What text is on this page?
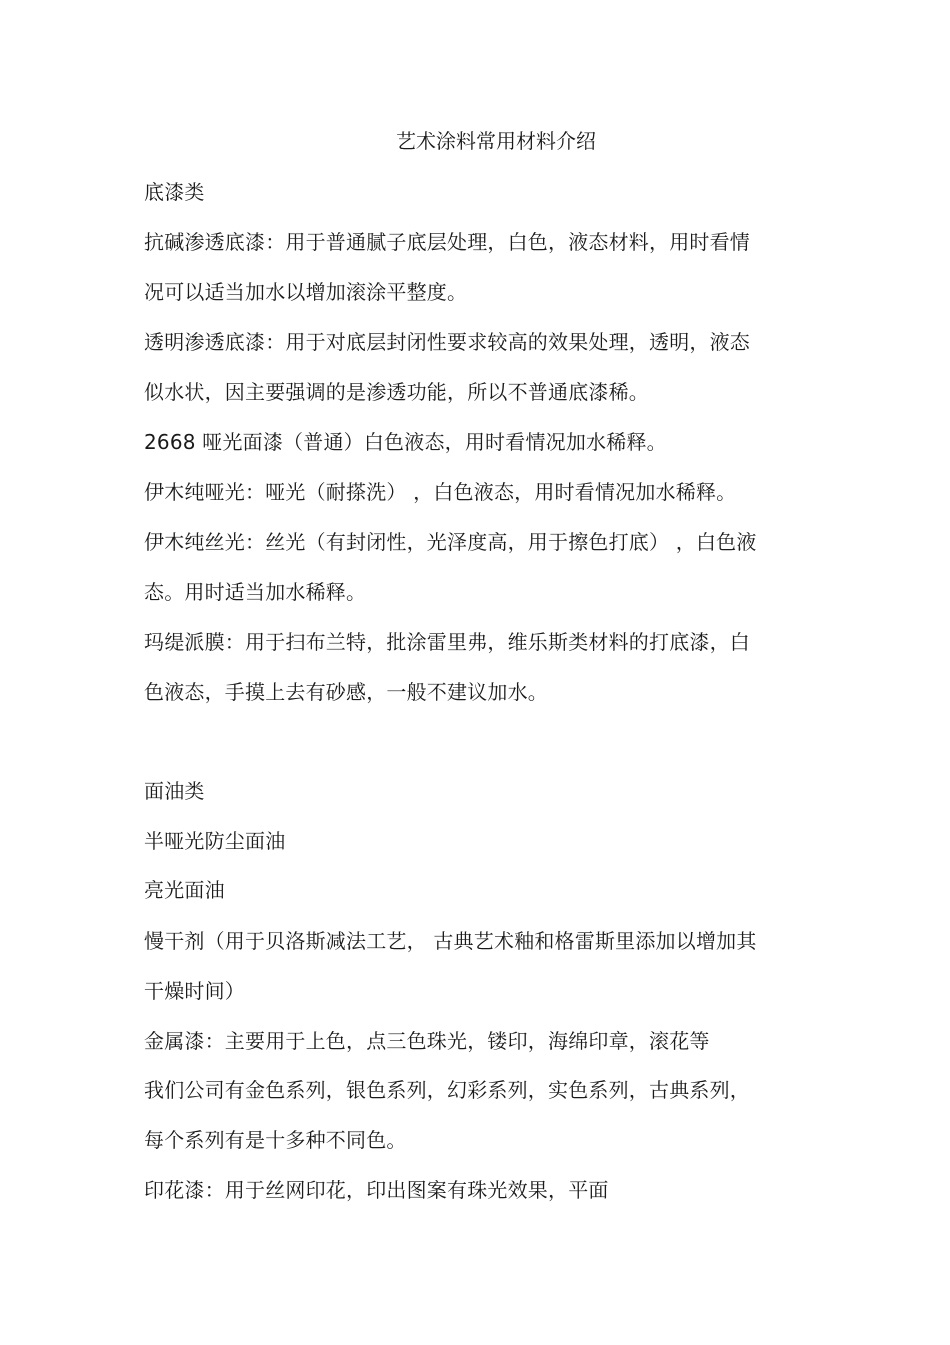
艺术涂料常用材料介绍
底漆类
抗碱渗透底漆：用于普通腻子底层处理，白色，液态材料，用时看情
况可以适当加水以增加滚涂平整度。
透明渗透底漆：用于对底层封闭性要求较高的效果处理，透明，液态
似水状，因主要强调的是渗透功能，所以不普通底漆稀。
2668 哑光面漆（普通）白色液态，用时看情况加水稀释。
伊木纯哑光：哑光（耐搽洗） ，白色液态，用时看情况加水稀释。
伊木纯丝光：丝光（有封闭性，光泽度高，用于擦色打底） ，白色液
态。用时适当加水稀释。
玛缇派膜：用于扫布兰特，批涂雷里弗，维乐斯类材料的打底漆，白
色液态，手摸上去有砂感，一般不建议加水。
面油类
半哑光防尘面油
亮光面油
慢干剂（用于贝洛斯减法工艺， 古典艺术釉和格雷斯里添加以增加其
干燥时间）
金属漆：主要用于上色，点三色珠光，镂印，海绵印章，滚花等
我们公司有金色系列，银色系列，幻彩系列，实色系列，古典系列，
每个系列有是十多种不同色。
印花漆：用于丝网印花，印出图案有珠光效果，平面
